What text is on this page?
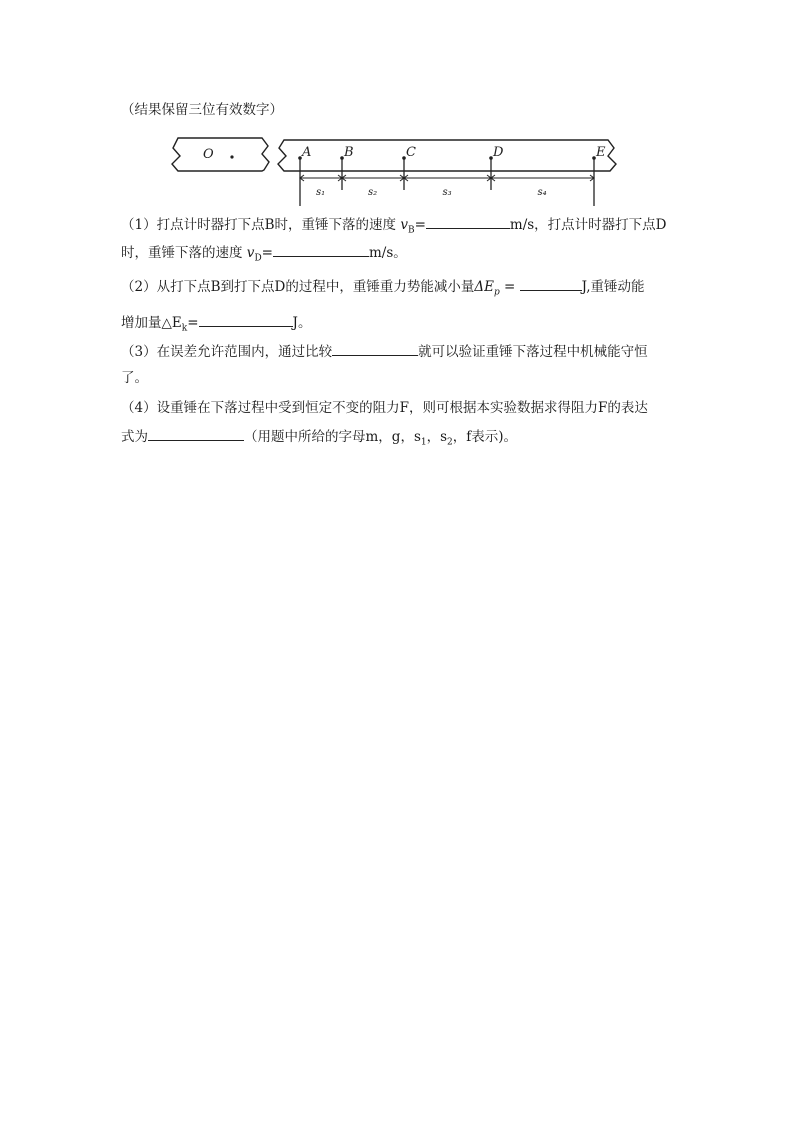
（结果保留三位有效数字）
O	A	B	C	D	E
s₁	s₂	s₃	s₄
（1）打点计时器打下点B时，重锤下落的速度 $v_B=$	m/s，打点计时器打下点D
时，重锤下落的速度 $v_D=$	m/s。
（2）从打下点B到打下点D的过程中，重锤重力势能减小量$\Delta E_p$ =	J,重锤动能
增加量$\triangle E_k=$	J。
（3）在误差允许范围内，通过比较	就可以验证重锤下落过程中机械能守恒
了。
（4）设重锤在下落过程中受到恒定不变的阻力F，则可根据本实验数据求得阻力F的表达
式为	（用题中所给的字母m，g，$s_1$，$s_2$，f表示)。
